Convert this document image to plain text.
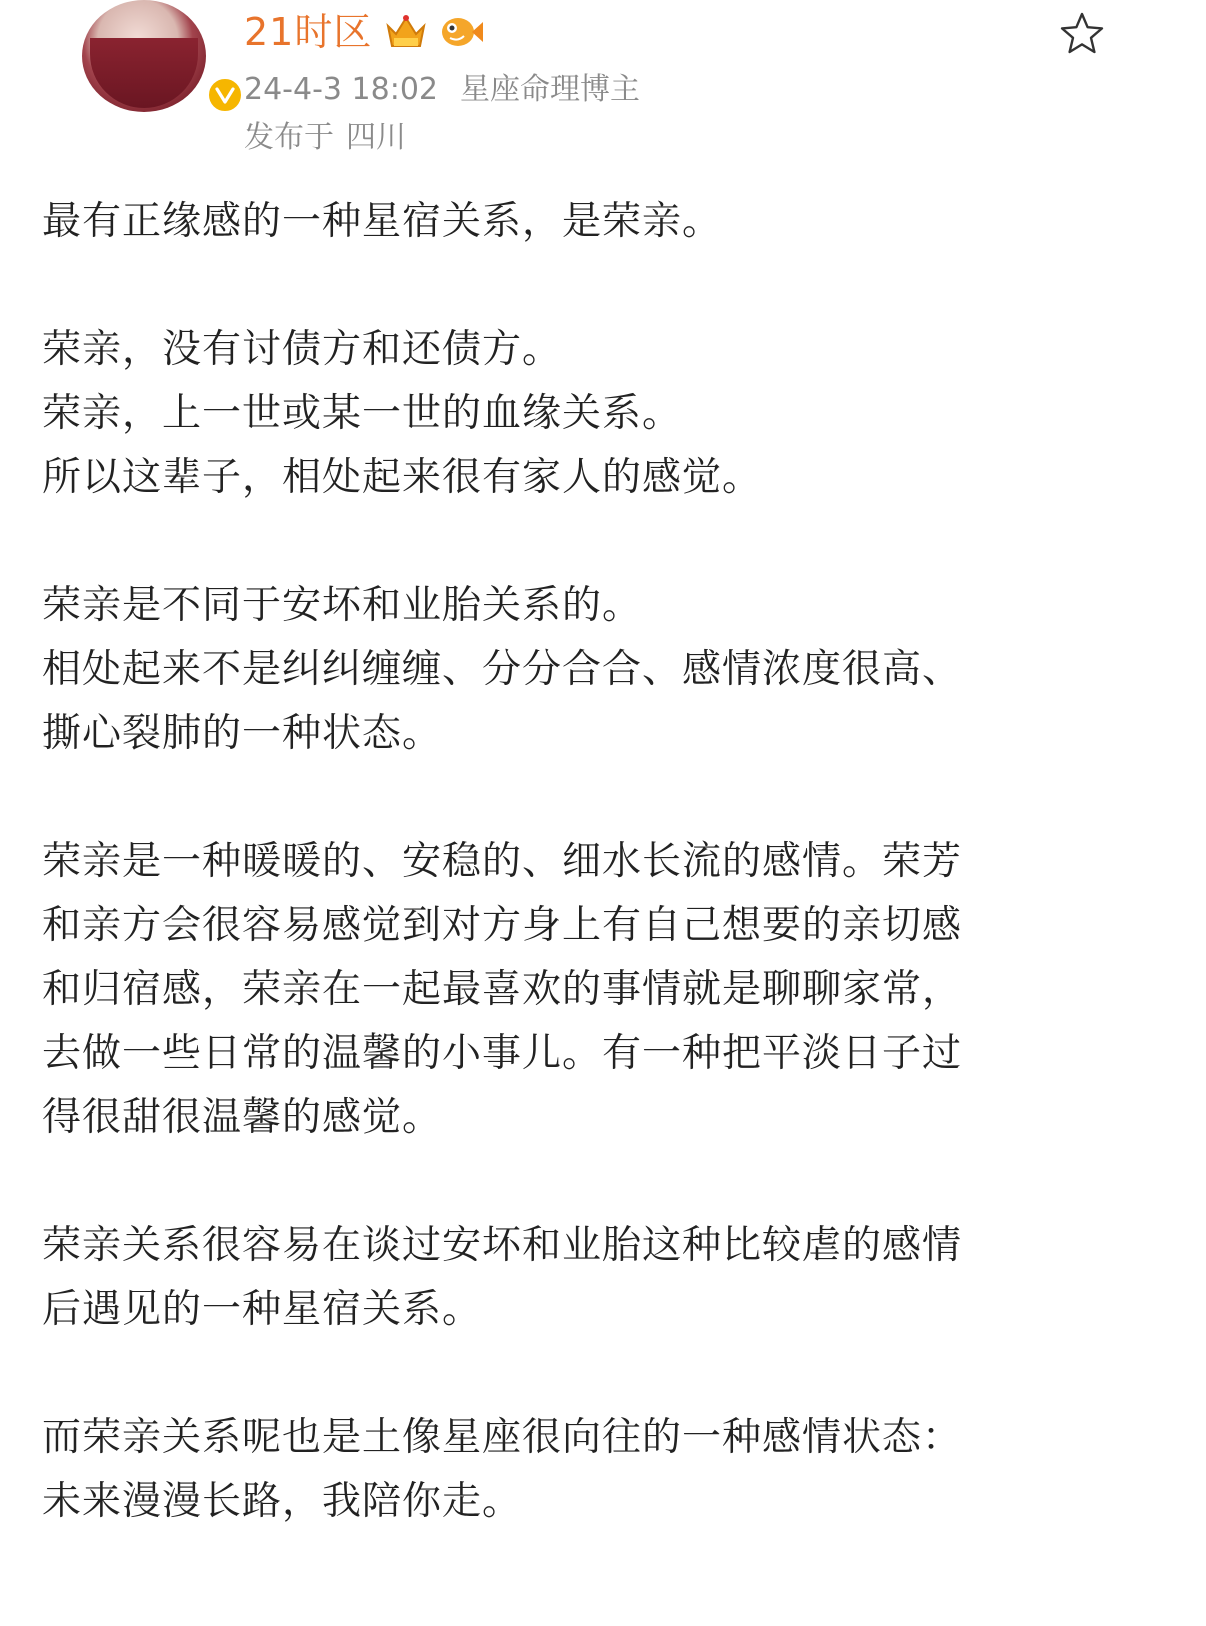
21时区
24-4-3 18:02 星座命理博主
发布于 四川

最有正缘感的一种星宿关系，是荣亲。

荣亲，没有讨债方和还债方。

荣亲，上一世或某一世的血缘关系。

所以这辈子，相处起来很有家人的感觉。

荣亲是不同于安坏和业胎关系的。

相处起来不是纠纠缠缠、分分合合、感情浓度很高、

撕心裂肺的一种状态。

荣亲是一种暖暖的、安稳的、细水长流的感情。荣芳

和亲方会很容易感觉到对方身上有自己想要的亲切感

和归宿感，荣亲在一起最喜欢的事情就是聊聊家常，

去做一些日常的温馨的小事儿。有一种把平淡日子过

得很甜很温馨的感觉。

荣亲关系很容易在谈过安坏和业胎这种比较虐的感情

后遇见的一种星宿关系。

而荣亲关系呢也是土像星座很向往的一种感情状态：

未来漫漫长路，我陪你走。
